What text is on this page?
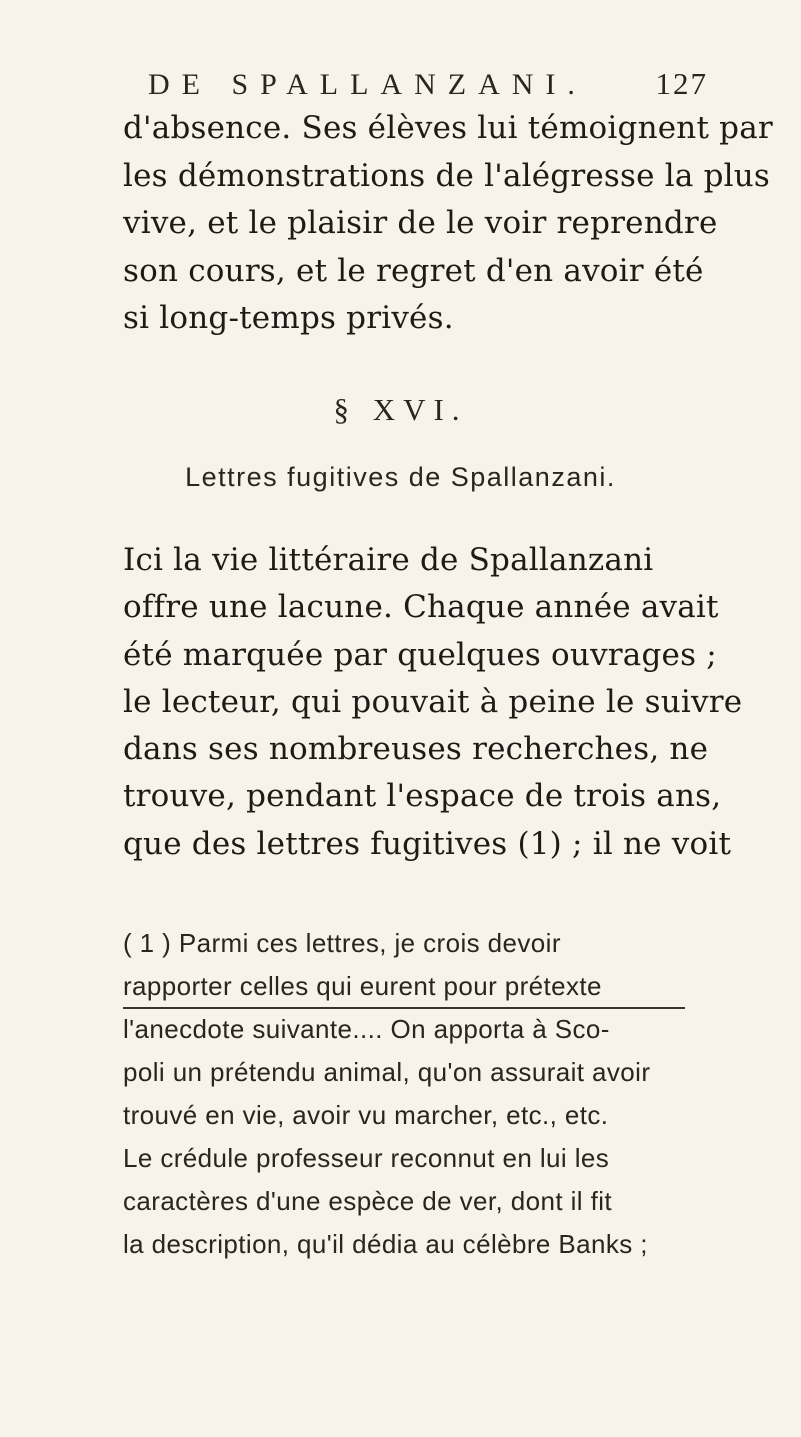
DE SPALLANZANI. 127
d'absence. Ses élèves lui témoignent par
les démonstrations de l'alégresse la plus
vive, et le plaisir de le voir reprendre
son cours, et le regret d'en avoir été
si long-temps privés.
§ XVI.
Lettres fugitives de Spallanzani.
Ici la vie littéraire de Spallanzani
offre une lacune. Chaque année avait
été marquée par quelques ouvrages ;
le lecteur, qui pouvait à peine le suivre
dans ses nombreuses recherches, ne
trouve, pendant l'espace de trois ans,
que des lettres fugitives (1) ; il ne voit
( 1 ) Parmi ces lettres, je crois devoir
rapporter celles qui eurent pour prétexte
l'anecdote suivante.... On apporta à Sco-
poli un prétendu animal, qu'on assurait avoir
trouvé en vie, avoir vu marcher, etc., etc.
Le crédule professeur reconnut en lui les
caractères d'une espèce de ver, dont il fit
la description, qu'il dédia au célèbre Banks ;
